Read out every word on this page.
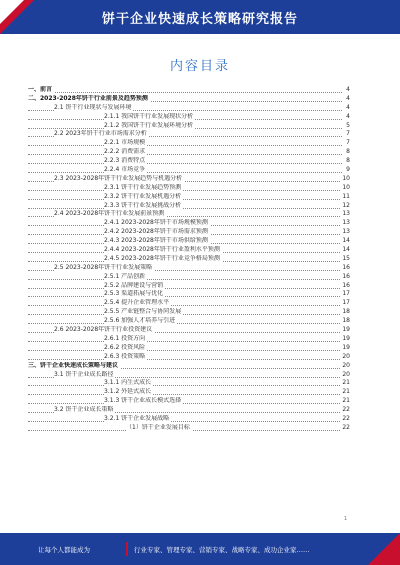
饼干企业快速成长策略研究报告
内容目录
一、前言	4
二、2023-2028年饼干行业前景及趋势预测	4
2.1 饼干行业现状与发展环境	4
2.1.1 我国饼干行业发展现状分析	4
2.1.2 我国饼干行业发展环境分析	5
2.2 2023年饼干行业市场需求分析	7
2.2.1 市场规模	7
2.2.2 消费需求	8
2.2.3 消费特点	8
2.2.4 市场竞争	9
2.3 2023-2028年饼干行业发展趋势与机遇分析	10
2.3.1 饼干行业发展趋势预测	10
2.3.2 饼干行业发展机遇分析	11
2.3.3 饼干行业发展挑战分析	12
2.4 2023-2028年饼干行业发展前景预测	13
2.4.1 2023-2028年饼干市场规模预测	13
2.4.2 2023-2028年饼干市场需求预测	13
2.4.3 2023-2028年饼干市场供给预测	14
2.4.4 2023-2028年饼干行业盈利水平预测	14
2.4.5 2023-2028年饼干行业竞争格局预测	15
2.5 2023-2028年饼干行业发展策略	16
2.5.1 产品创新	16
2.5.2 品牌建设与营销	16
2.5.3 渠道拓展与优化	17
2.5.4 提升企业管理水平	17
2.5.5 产业链整合与协同发展	18
2.5.6 加强人才培养与引进	18
2.6 2023-2028年饼干行业投资建议	19
2.6.1 投资方向	19
2.6.2 投资风险	19
2.6.3 投资策略	20
三、饼干企业快速成长策略与建议	20
3.1 饼干企业成长路径	20
3.1.1 内生式成长	21
3.1.2 外延式成长	21
3.1.3 饼干企业成长模式选择	21
3.2 饼干企业成长策略	22
3.2.1 饼干企业发展战略	22
（1）饼干企业发展目标	22
1
让每个人都能成为	行业专家、管理专家、营销专家、战略专家、成功企业家……
